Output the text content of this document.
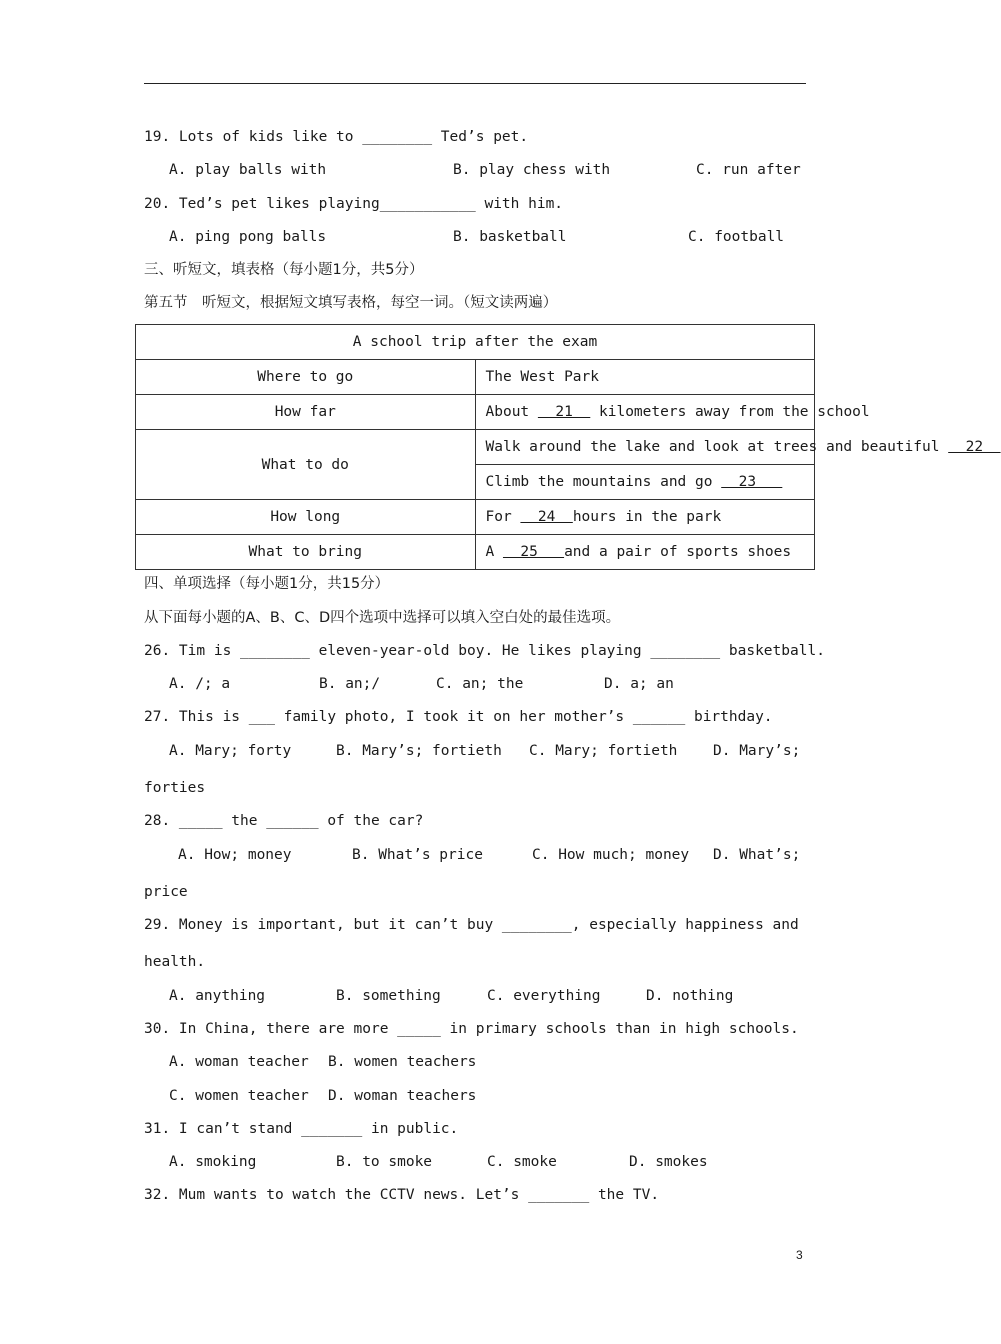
19. Lots of kids like to ________ Ted’s pet.
A. play balls with	B. play chess with	C. run after
20. Ted’s pet likes playing___________ with him.
A. ping pong balls	B. basketball	C. football
三、听短文，填表格（每小题1分，共5分）
第五节　听短文，根据短文填写表格，每空一词。（短文读两遍）
A school trip after the exam	
Where to go	The West Park
How far	About   21   kilometers away from the school
What to do	Walk around the lake and look at trees and beautiful   22
	Climb the mountains and go   23
How long	For   24  hours in the park
What to bring	A   25   and a pair of sports shoes
四、单项选择（每小题1分，共15分）
从下面每小题的A、B、C、D四个选项中选择可以填入空白处的最佳选项。
26. Tim is ________ eleven-year-old boy. He likes playing ________ basketball.
A. /; a	B. an;/	C. an; the	D. a; an
27. This is ___ family photo, I took it on her mother’s ______ birthday.
A. Mary; forty	B. Mary’s; fortieth C. Mary; fortieth D. Mary’s;
forties
28. _____ the ______ of the car?
A. How; money	B. What’s price	C. How much; money D. What’s;
price
29. Money is important, but it can’t buy ________, especially happiness and
health.
A. anything	B. something	C. everything	D. nothing
30. In China, there are more _____ in primary schools than in high schools.
A. woman teacher B. women teachers
C. women teacher D. woman teachers
31. I can’t stand _______ in public.
A. smoking	B. to smoke	C. smoke	D. smokes
32. Mum wants to watch the CCTV news. Let’s _______ the TV.
3
